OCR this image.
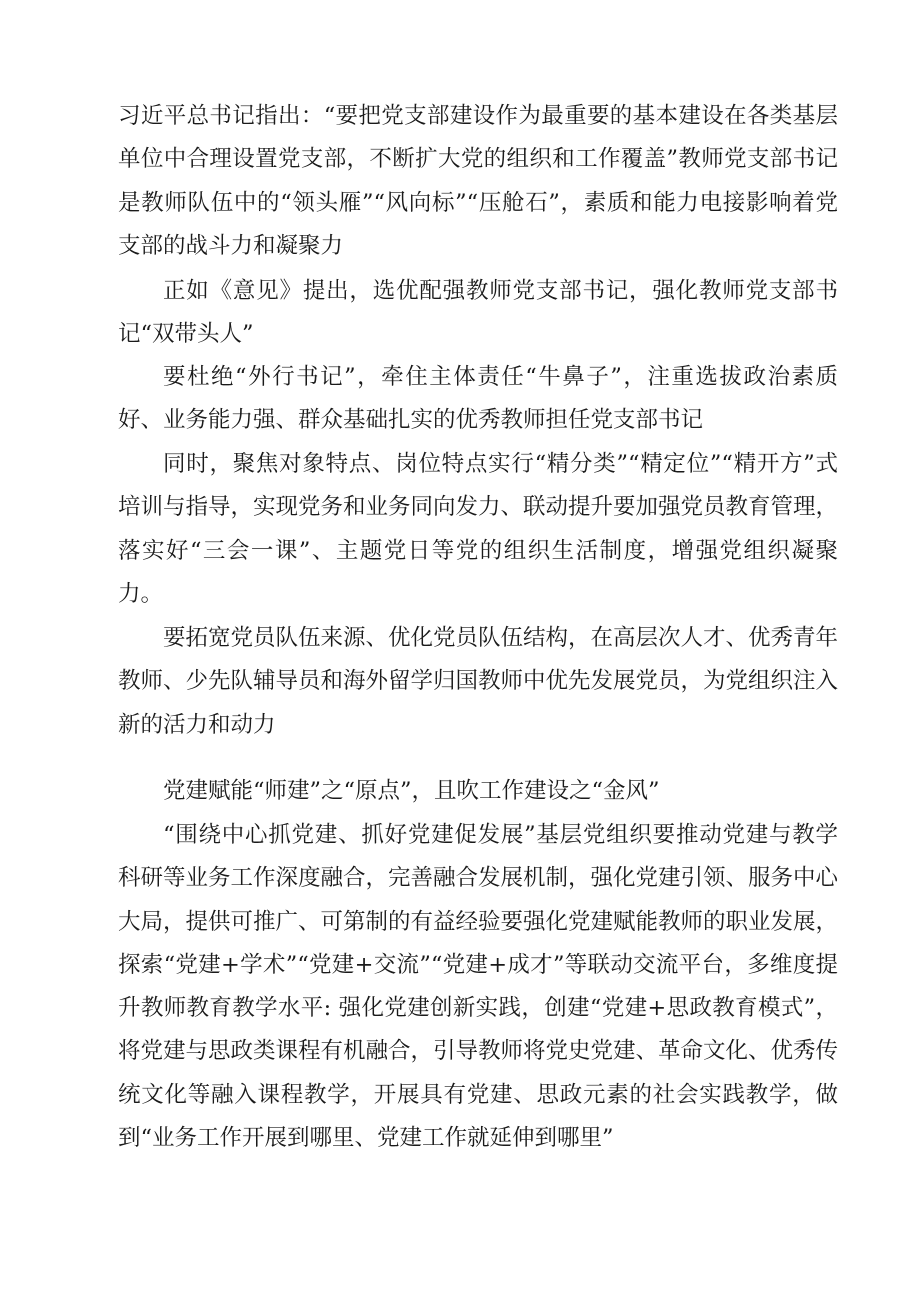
习近平总书记指出：“要把党支部建设作为最重要的基本建设在各类基层单位中合理设置党支部，不断扩大党的组织和工作覆盖”教师党支部书记是教师队伍中的“领头雁”“风向标”“压舱石”，素质和能力电接影响着党支部的战斗力和凝聚力

正如《意见》提出，选优配强教师党支部书记，强化教师党支部书记“双带头人”

要杜绝“外行书记”，牵住主体责任“牛鼻子”，注重选拔政治素质好、业务能力强、群众基础扎实的优秀教师担任党支部书记

同时，聚焦对象特点、岗位特点实行“精分类”“精定位”“精开方”式培训与指导，实现党务和业务同向发力、联动提升要加强党员教育管理，落实好“三会一课”、主题党日等党的组织生活制度，增强党组织凝聚力。

要拓宽党员队伍来源、优化党员队伍结构，在高层次人才、优秀青年教师、少先队辅导员和海外留学归国教师中优先发展党员，为党组织注入新的活力和动力

党建赋能“师建”之“原点”，且吹工作建设之“金风”

“围绕中心抓党建、抓好党建促发展”基层党组织要推动党建与教学科研等业务工作深度融合，完善融合发展机制，强化党建引领、服务中心大局，提供可推广、可第制的有益经验要强化党建赋能教师的职业发展，探索“党建+学术”“党建+交流”“党建+成才”等联动交流平台，多维度提升教师教育教学水平: 强化党建创新实践，创建“党建+思政教育模式”，将党建与思政类课程有机融合，引导教师将党史党建、革命文化、优秀传统文化等融入课程教学，开展具有党建、思政元素的社会实践教学，做到“业务工作开展到哪里、党建工作就延伸到哪里”
